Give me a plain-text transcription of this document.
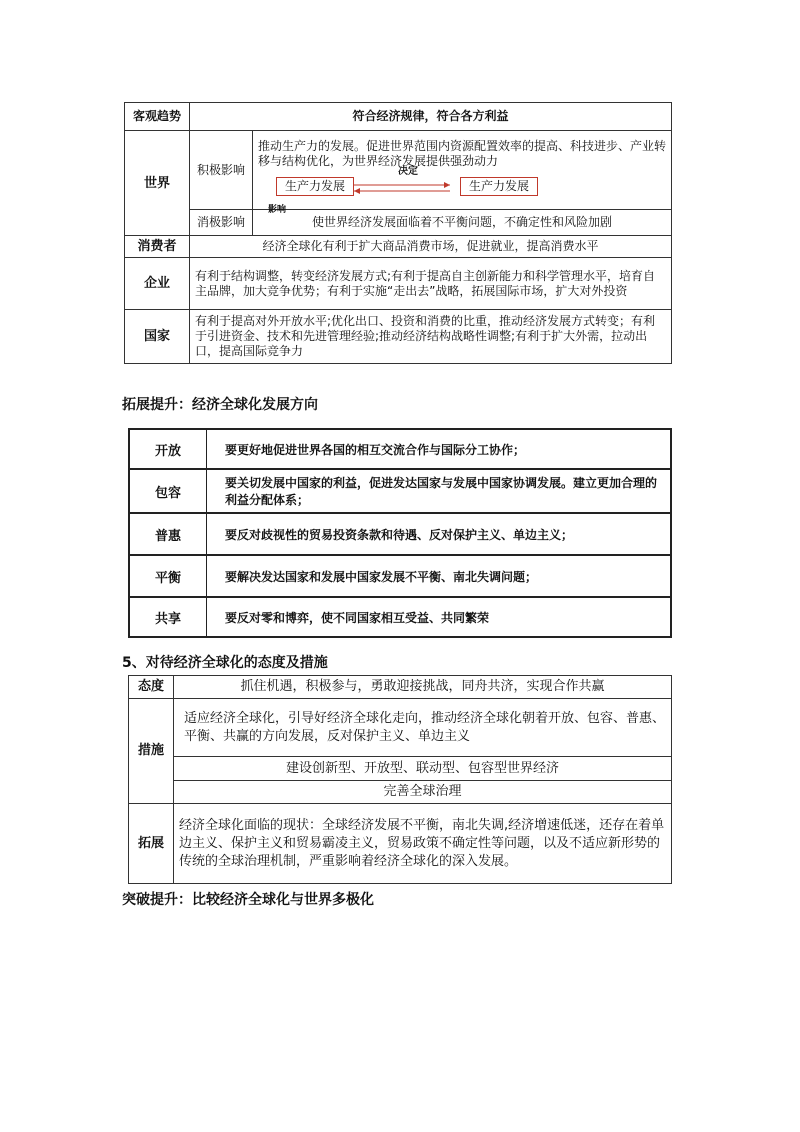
客观趋势	符合经济规律，符合各方利益	
世界	积极影响	推动生产力的发展。促进世界范围内资源配置效率的提高、科技进步、产业转移与结构优化，为世界经济发展提供强劲动力
生产力发展
决定
生产力发展

	消极影响	使世界经济发展面临着不平衡问题，不确定性和风险加剧
消费者	经济全球化有利于扩大商品消费市场，促进就业，提高消费水平	
企业	有利于结构调整，转变经济发展方式;有利于提高自主创新能力和科学管理水平，培育自主品牌，加大竞争优势；有利于实施“走出去”战略，拓展国际市场，扩大对外投资	
国家	有利于提高对外开放水平;优化出口、投资和消费的比重，推动经济发展方式转变；有利于引进资金、技术和先进管理经验;推动经济结构战略性调整;有利于扩大外需，拉动出口，提高国际竞争力	
影响
拓展提升：经济全球化发展方向
开放	要更好地促进世界各国的相互交流合作与国际分工协作；
包容	要关切发展中国家的利益，促进发达国家与发展中国家协调发展。建立更加合理的利益分配体系；
普惠	要反对歧视性的贸易投资条款和待遇、反对保护主义、单边主义；
平衡	要解决发达国家和发展中国家发展不平衡、南北失调问题；
共享	要反对零和博弈，使不同国家相互受益、共同繁荣
5、对待经济全球化的态度及措施
态度	抓住机遇，积极参与，勇敢迎接挑战，同舟共济，实现合作共赢
措施	适应经济全球化，引导好经济全球化走向，推动经济全球化朝着开放、包容、普惠、平衡、共赢的方向发展，反对保护主义、单边主义
	建设创新型、开放型、联动型、包容型世界经济
	完善全球治理
拓展	经济全球化面临的现状：全球经济发展不平衡，南北失调,经济增速低迷，还存在着单边主义、保护主义和贸易霸凌主义，贸易政策不确定性等问题，以及不适应新形势的传统的全球治理机制，严重影响着经济全球化的深入发展。
突破提升：比较经济全球化与世界多极化
